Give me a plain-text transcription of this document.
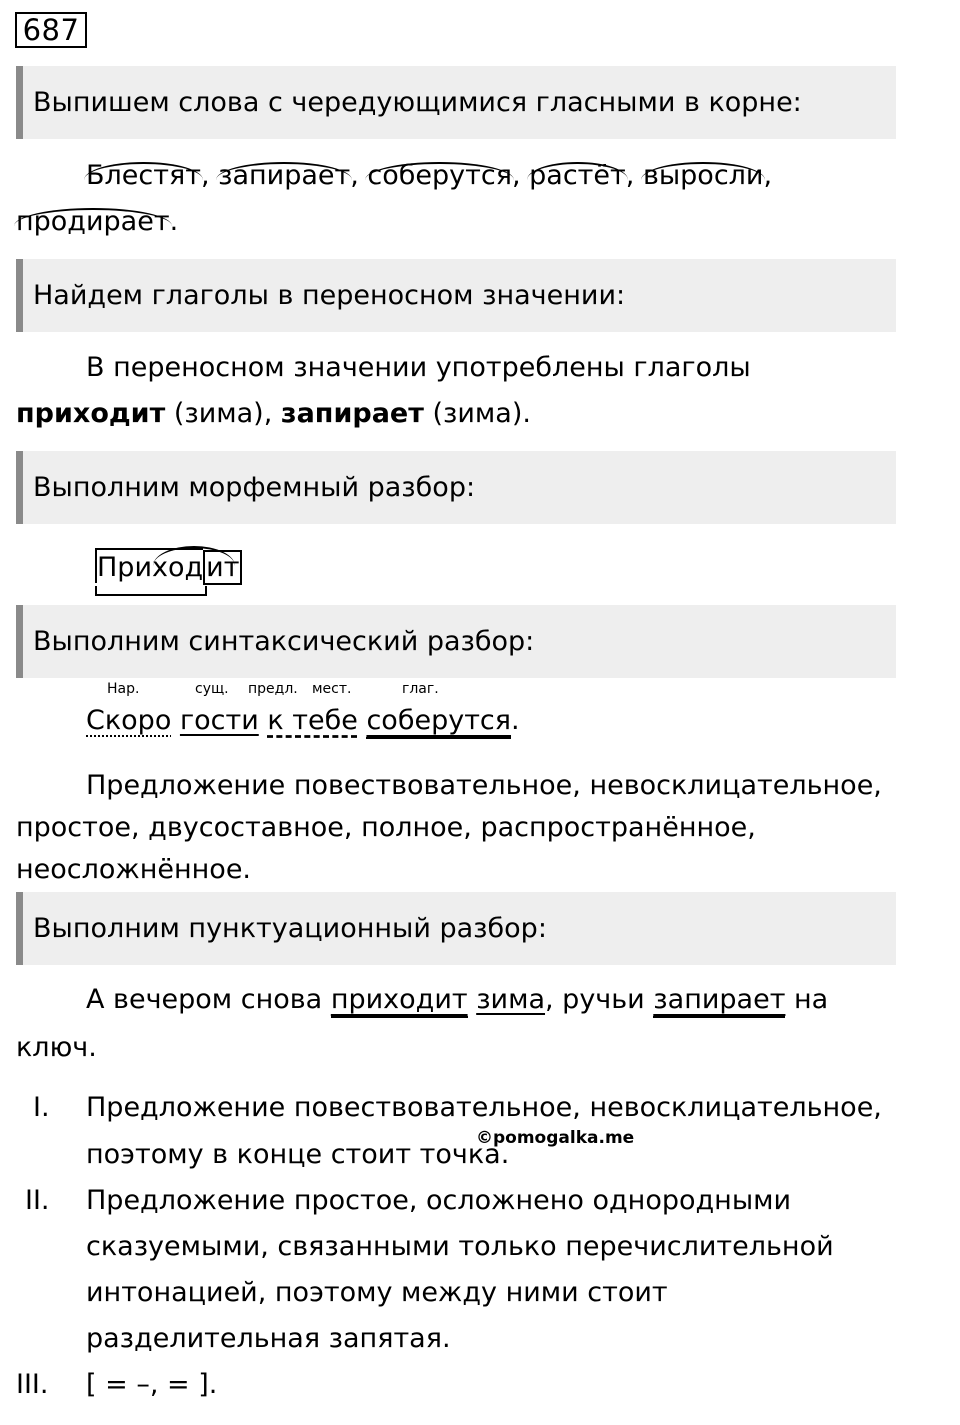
687
Выпишем слова с чередующимися гласными в корне:
Блестят, запирает, соберутся, растёт, выросли,
продирает.
Найдем глаголы в переносном значении:
В переносном значении употреблены глаголы
приходит (зима), запирает (зима).
Выполним морфемный разбор:
Приход ит
Выполним синтаксический разбор:
Нар.	сущ. предл. мест.	глаг.
Скоро гости к тебе соберутся.
Предложение повествовательное, невосклицательное,
простое, двусоставное, полное, распространённое,
неосложнённое.
Выполним пунктуационный разбор:
А вечером снова приходит зима, ручьи запирает на
ключ.
I. Предложение повествовательное, невосклицательное,
поэтому в конце стоит точка.
II. Предложение простое, осложнено однородными
сказуемыми, связанными только перечислительной
интонацией, поэтому между ними стоит
разделительная запятая.
III. [ = –, = ].
©pomogalka.me
